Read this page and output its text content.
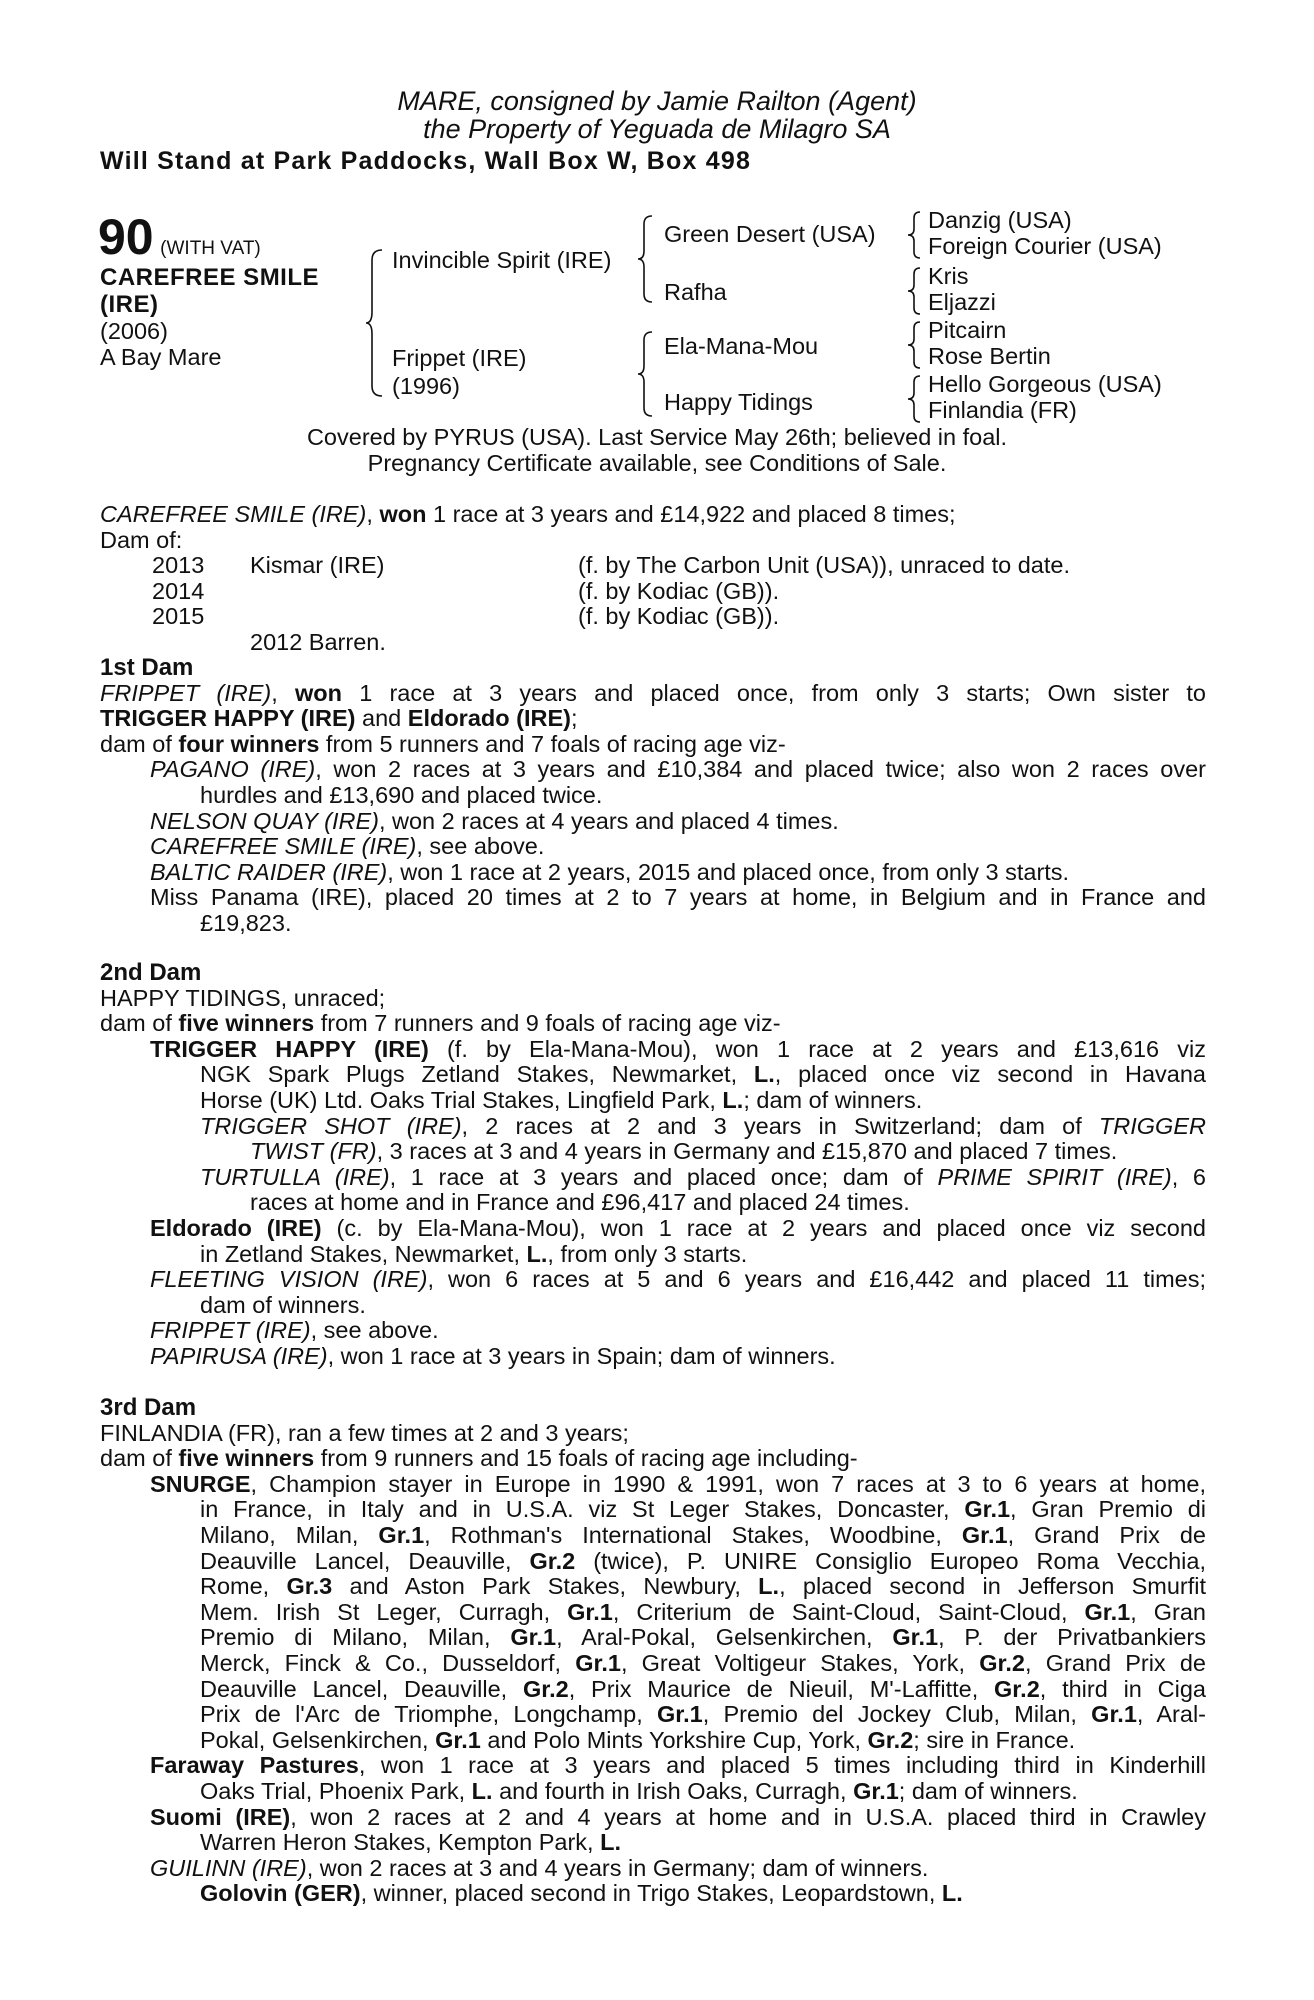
MARE, consigned by Jamie Railton (Agent)
the Property of Yeguada de Milagro SA
Will Stand at Park Paddocks, Wall Box W, Box 498
90 (WITH VAT)
CAREFREE SMILE
(IRE)
(2006)
A Bay Mare
Invincible Spirit (IRE)
Frippet (IRE)
(1996)
Green Desert (USA)
Rafha
Ela-Mana-Mou
Happy Tidings
Danzig (USA)
Foreign Courier (USA)
Kris
Eljazzi
Pitcairn
Rose Bertin
Hello Gorgeous (USA)
Finlandia (FR)
Covered by PYRUS (USA). Last Service May 26th; believed in foal.
Pregnancy Certificate available, see Conditions of Sale.
CAREFREE SMILE (IRE), won 1 race at 3 years and £14,922 and placed 8 times;
Dam of:
2013 Kismar (IRE)	(f. by The Carbon Unit (USA)), unraced to date.
2014	(f. by Kodiac (GB)).
2015	(f. by Kodiac (GB)).
2012 Barren.
1st Dam
FRIPPET (IRE), won 1 race at 3 years and placed once, from only 3 starts; Own sister to
TRIGGER HAPPY (IRE) and Eldorado (IRE);
dam of four winners from 5 runners and 7 foals of racing age viz-
PAGANO (IRE), won 2 races at 3 years and £10,384 and placed twice; also won 2 races over
hurdles and £13,690 and placed twice.
NELSON QUAY (IRE), won 2 races at 4 years and placed 4 times.
CAREFREE SMILE (IRE), see above.
BALTIC RAIDER (IRE), won 1 race at 2 years, 2015 and placed once, from only 3 starts.
Miss Panama (IRE), placed 20 times at 2 to 7 years at home, in Belgium and in France and
£19,823.
2nd Dam
HAPPY TIDINGS, unraced;
dam of five winners from 7 runners and 9 foals of racing age viz-
TRIGGER HAPPY (IRE) (f. by Ela-Mana-Mou), won 1 race at 2 years and £13,616 viz
NGK Spark Plugs Zetland Stakes, Newmarket, L., placed once viz second in Havana
Horse (UK) Ltd. Oaks Trial Stakes, Lingfield Park, L.; dam of winners.
TRIGGER SHOT (IRE), 2 races at 2 and 3 years in Switzerland; dam of TRIGGER
TWIST (FR), 3 races at 3 and 4 years in Germany and £15,870 and placed 7 times.
TURTULLA (IRE), 1 race at 3 years and placed once; dam of PRIME SPIRIT (IRE), 6
races at home and in France and £96,417 and placed 24 times.
Eldorado (IRE) (c. by Ela-Mana-Mou), won 1 race at 2 years and placed once viz second
in Zetland Stakes, Newmarket, L., from only 3 starts.
FLEETING VISION (IRE), won 6 races at 5 and 6 years and £16,442 and placed 11 times;
dam of winners.
FRIPPET (IRE), see above.
PAPIRUSA (IRE), won 1 race at 3 years in Spain; dam of winners.
3rd Dam
FINLANDIA (FR), ran a few times at 2 and 3 years;
dam of five winners from 9 runners and 15 foals of racing age including-
SNURGE, Champion stayer in Europe in 1990 & 1991, won 7 races at 3 to 6 years at home,
in France, in Italy and in U.S.A. viz St Leger Stakes, Doncaster, Gr.1, Gran Premio di
Milano, Milan, Gr.1, Rothman's International Stakes, Woodbine, Gr.1, Grand Prix de
Deauville Lancel, Deauville, Gr.2 (twice), P. UNIRE Consiglio Europeo Roma Vecchia,
Rome, Gr.3 and Aston Park Stakes, Newbury, L., placed second in Jefferson Smurfit
Mem. Irish St Leger, Curragh, Gr.1, Criterium de Saint-Cloud, Saint-Cloud, Gr.1, Gran
Premio di Milano, Milan, Gr.1, Aral-Pokal, Gelsenkirchen, Gr.1, P. der Privatbankiers
Merck, Finck & Co., Dusseldorf, Gr.1, Great Voltigeur Stakes, York, Gr.2, Grand Prix de
Deauville Lancel, Deauville, Gr.2, Prix Maurice de Nieuil, M'-Laffitte, Gr.2, third in Ciga
Prix de l'Arc de Triomphe, Longchamp, Gr.1, Premio del Jockey Club, Milan, Gr.1, Aral-
Pokal, Gelsenkirchen, Gr.1 and Polo Mints Yorkshire Cup, York, Gr.2; sire in France.
Faraway Pastures, won 1 race at 3 years and placed 5 times including third in Kinderhill
Oaks Trial, Phoenix Park, L. and fourth in Irish Oaks, Curragh, Gr.1; dam of winners.
Suomi (IRE), won 2 races at 2 and 4 years at home and in U.S.A. placed third in Crawley
Warren Heron Stakes, Kempton Park, L.
GUILINN (IRE), won 2 races at 3 and 4 years in Germany; dam of winners.
Golovin (GER), winner, placed second in Trigo Stakes, Leopardstown, L.
